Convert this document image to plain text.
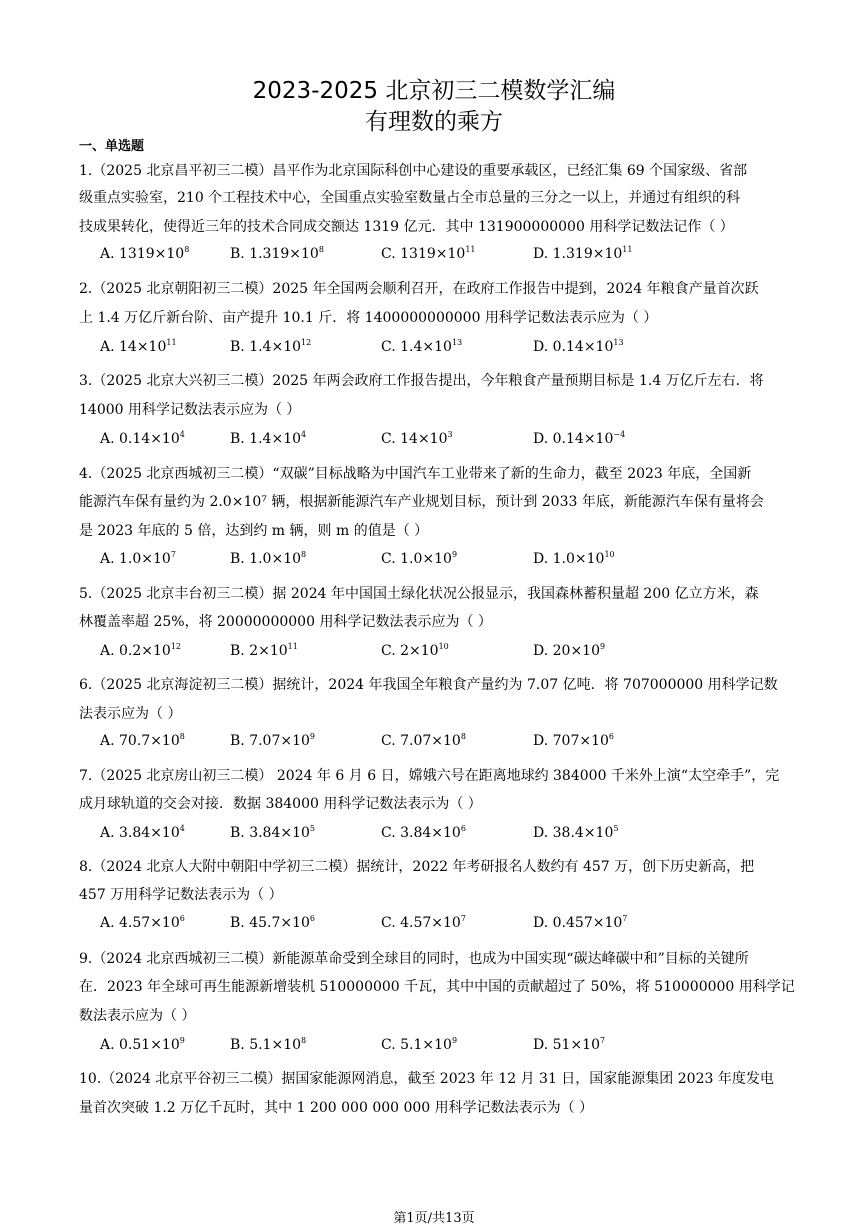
2023-2025 北京初三二模数学汇编
有理数的乘方
一、单选题
1.（2025 北京昌平初三二模）昌平作为北京国际科创中心建设的重要承载区，已经汇集 69 个国家级、省部
级重点实验室，210 个工程技术中心，全国重点实验室数量占全市总量的三分之一以上，并通过有组织的科
技成果转化，使得近三年的技术合同成交额达 1319 亿元．其中 131900000000 用科学记数法记作（ ）
A. $1319\times 10^8$	B. $1.319\times 10^8$	C. $1319\times 10^{11}$	D. $1.319\times 10^{11}$
2.（2025 北京朝阳初三二模）2025 年全国两会顺利召开，在政府工作报告中提到，2024 年粮食产量首次跃
上 1.4 万亿斤新台阶、亩产提升 10.1 斤．将 1400000000000 用科学记数法表示应为（ ）
A. $14\times 10^{11}$	B. $1.4\times 10^{12}$	C. $1.4\times 10^{13}$	D. $0.14\times 10^{13}$
3.（2025 北京大兴初三二模）2025 年两会政府工作报告提出，今年粮食产量预期目标是 1.4 万亿斤左右．将
14000 用科学记数法表示应为（ ）
A. $0.14\times 10^4$	B. $1.4\times 10^4$	C. $14\times 10^3$	D. $0.14\times 10^{-4}$
4.（2025 北京西城初三二模）“双碳”目标战略为中国汽车工业带来了新的生命力，截至 2023 年底，全国新
能源汽车保有量约为 2.0×10⁷ 辆，根据新能源汽车产业规划目标，预计到 2033 年底，新能源汽车保有量将会
是 2023 年底的 5 倍，达到约 m 辆，则 m 的值是（ ）
A. $1.0\times 10^7$	B. $1.0\times 10^8$	C. $1.0\times 10^9$	D. $1.0\times 10^{10}$
5.（2025 北京丰台初三二模）据 2024 年中国国土绿化状况公报显示，我国森林蓄积量超 200 亿立方米，森
林覆盖率超 25%，将 20000000000 用科学记数法表示应为（ ）
A. $0.2\times 10^{12}$	B. $2\times 10^{11}$	C. $2\times 10^{10}$	D. $20\times 10^9$
6.（2025 北京海淀初三二模）据统计，2024 年我国全年粮食产量约为 7.07 亿吨．将 707000000 用科学记数
法表示应为（ ）
A. $70.7\times 10^8$	B. $7.07\times 10^9$	C. $7.07\times 10^8$	D. $707\times 10^6$
7.（2025 北京房山初三二模） 2024 年 6 月 6 日，嫦娥六号在距离地球约 384000 千米外上演“太空牵手”，完
成月球轨道的交会对接．数据 384000 用科学记数法表示为（ ）
A. $3.84\times 10^4$	B. $3.84\times 10^5$	C. $3.84\times 10^6$	D. $38.4\times 10^5$
8.（2024 北京人大附中朝阳中学初三二模）据统计，2022 年考研报名人数约有 457 万，创下历史新高，把
457 万用科学记数法表示为（ ）
A. $4.57\times 10^6$	B. $45.7\times 10^6$	C. $4.57\times 10^7$	D. $0.457\times 10^7$
9.（2024 北京西城初三二模）新能源革命受到全球目的同时，也成为中国实现“碳达峰碳中和”目标的关键所
在．2023 年全球可再生能源新增装机 510000000 千瓦，其中中国的贡献超过了 50%，将 510000000 用科学记
数法表示应为（ ）
A. $0.51\times 10^9$	B. $5.1\times 10^8$	C. $5.1\times 10^9$	D. $51\times 10^7$
10.（2024 北京平谷初三二模）据国家能源网消息，截至 2023 年 12 月 31 日，国家能源集团 2023 年度发电
量首次突破 1.2 万亿千瓦时，其中 1 200 000 000 000 用科学记数法表示为（ ）
第1页/共13页
